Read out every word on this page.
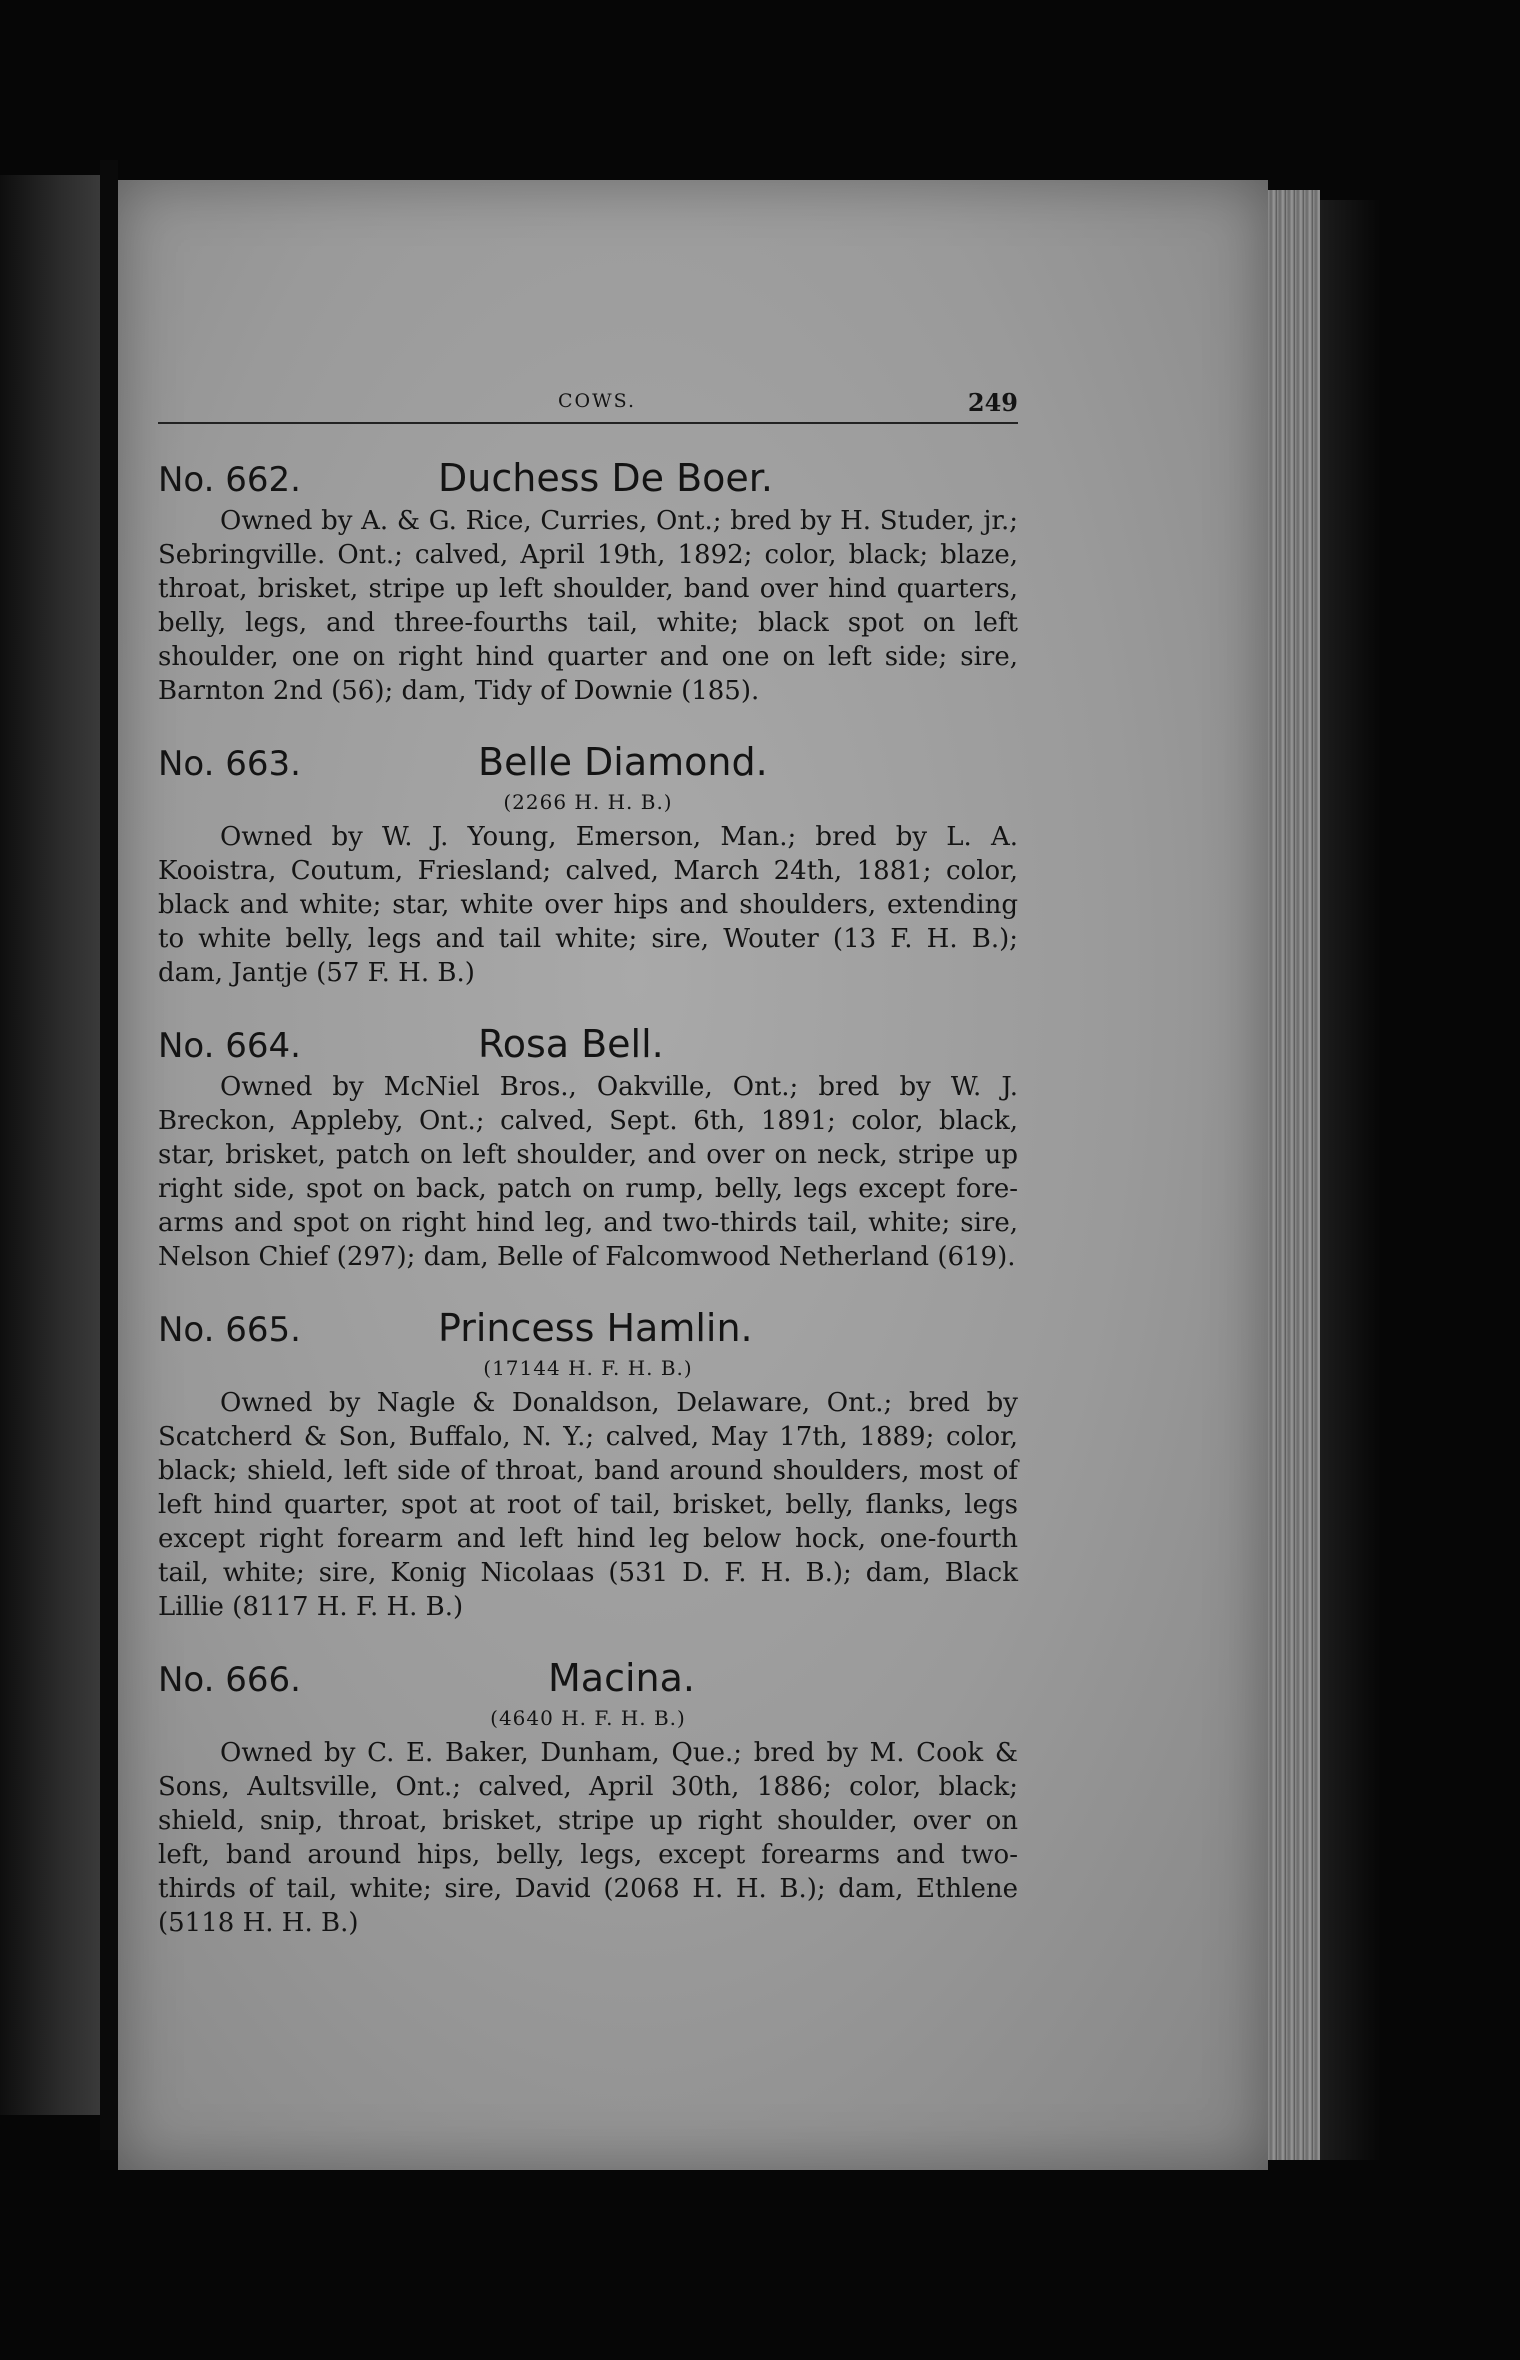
COWS.	249
No. 662.	Duchess De Boer.

Owned by A. & G. Rice, Curries, Ont.; bred by H. Studer, jr.; Sebringville. Ont.; calved, April 19th, 1892; color, black; blaze, throat, brisket, stripe up left shoulder, band over hind quarters, belly, legs, and three-fourths tail, white; black spot on left shoulder, one on right hind quarter and one on left side; sire, Barnton 2nd (56); dam, Tidy of Downie (185).

No. 663.	Belle Diamond.
(2266 H. H. B.)

Owned by W. J. Young, Emerson, Man.; bred by L. A. Kooistra, Coutum, Friesland; calved, March 24th, 1881; color, black and white; star, white over hips and shoulders, extending to white belly, legs and tail white; sire, Wouter (13 F. H. B.); dam, Jantje (57 F. H. B.)

No. 664.	Rosa Bell.

Owned by McNiel Bros., Oakville, Ont.; bred by W. J. Breckon, Appleby, Ont.; calved, Sept. 6th, 1891; color, black, star, brisket, patch on left shoulder, and over on neck, stripe up right side, spot on back, patch on rump, belly, legs except fore-arms and spot on right hind leg, and two-thirds tail, white; sire, Nelson Chief (297); dam, Belle of Falcomwood Netherland (619).

No. 665.	Princess Hamlin.
(17144 H. F. H. B.)

Owned by Nagle & Donaldson, Delaware, Ont.; bred by Scatcherd & Son, Buffalo, N. Y.; calved, May 17th, 1889; color, black; shield, left side of throat, band around shoulders, most of left hind quarter, spot at root of tail, brisket, belly, flanks, legs except right forearm and left hind leg below hock, one-fourth tail, white; sire, Konig Nicolaas (531 D. F. H. B.); dam, Black Lillie (8117 H. F. H. B.)

No. 666.	Macina.
(4640 H. F. H. B.)

Owned by C. E. Baker, Dunham, Que.; bred by M. Cook & Sons, Aultsville, Ont.; calved, April 30th, 1886; color, black; shield, snip, throat, brisket, stripe up right shoulder, over on left, band around hips, belly, legs, except forearms and two-thirds of tail, white; sire, David (2068 H. H. B.); dam, Ethlene (5118 H. H. B.)
